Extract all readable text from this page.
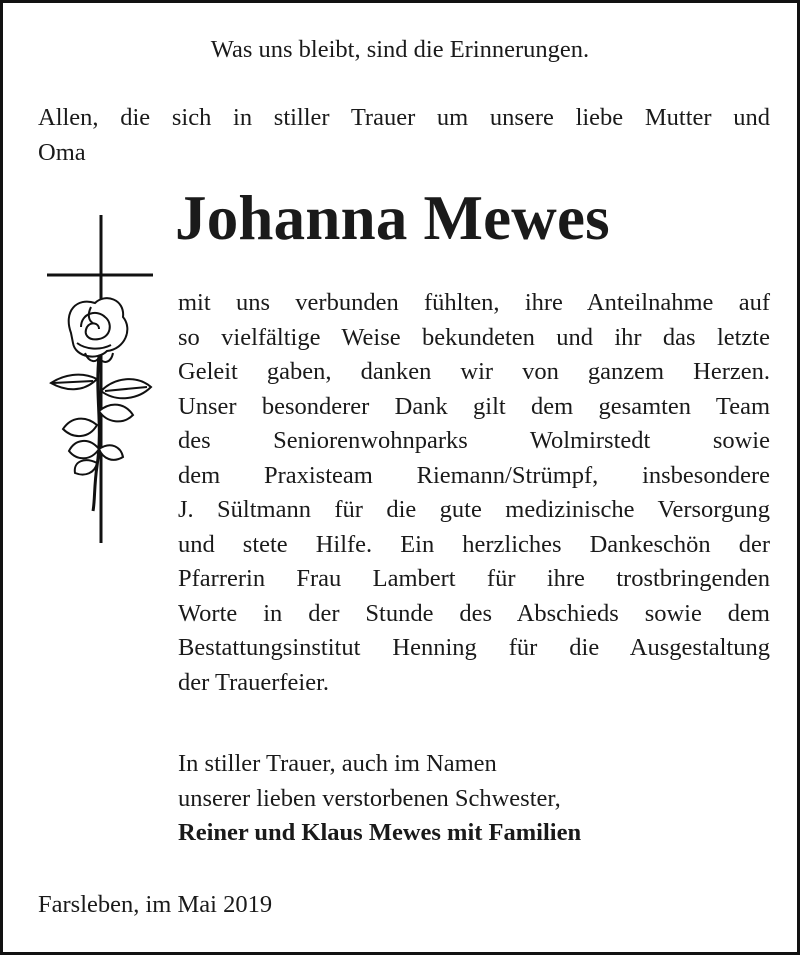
Was uns bleibt, sind die Erinnerungen.
Allen, die sich in stiller Trauer um unsere liebe Mutter und
Oma
Johanna Mewes
mit uns verbunden fühlten, ihre Anteilnahme auf
so vielfältige Weise bekundeten und ihr das letzte
Geleit gaben, danken wir von ganzem Herzen.
Unser besonderer Dank gilt dem gesamten Team
des Seniorenwohnparks Wolmirstedt sowie
dem Praxisteam Riemann/Strümpf, insbesondere
J. Sültmann für die gute medizinische Versorgung
und stete Hilfe. Ein herzliches Dankeschön der
Pfarrerin Frau Lambert für ihre trostbringenden
Worte in der Stunde des Abschieds sowie dem
Bestattungsinstitut Henning für die Ausgestaltung
der Trauerfeier.
In stiller Trauer, auch im Namen
unserer lieben verstorbenen Schwester,
Reiner und Klaus Mewes mit Familien
Farsleben, im Mai 2019
